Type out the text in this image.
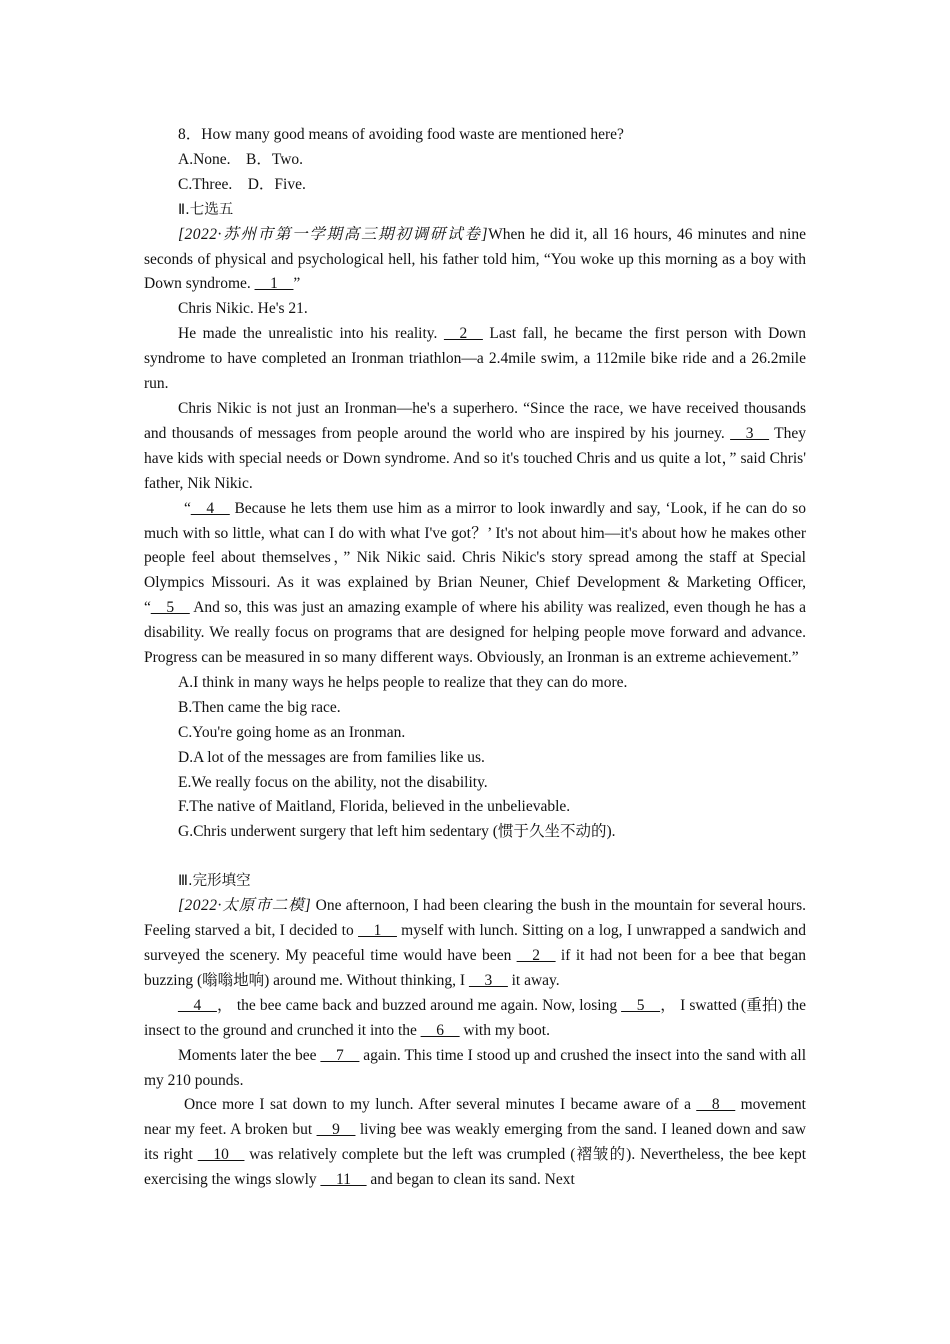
8．How many good means of avoiding food waste are mentioned here?

A.None.    B．Two.

C.Three.    D．Five.

Ⅱ.七选五

[2022·苏州市第一学期高三期初调研试卷]When he did it, all 16 hours, 46 minutes and nine seconds of physical and psychological hell, his father told him, “You woke up this morning as a boy with Down syndrome. __1__”

Chris Nikic. He's 21.

He made the unrealistic into his reality. __2__ Last fall, he became the first person with Down syndrome to have completed an Ironman triathlon—a 2.4mile swim, a 112mile bike ride and a 26.2mile run.

Chris Nikic is not just an Ironman—he's a superhero. “Since the race, we have received thousands and thousands of messages from people around the world who are inspired by his journey. __3__ They have kids with special needs or Down syndrome. And so it's touched Chris and us quite a lot，” said Chris' father, Nik Nikic.

“__4__ Because he lets them use him as a mirror to look inwardly and say, ‘Look, if he can do so much with so little, what can I do with what I've got？’ It's not about him—it's about how he makes other people feel about themselves，” Nik Nikic said. Chris Nikic's story spread among the staff at Special Olympics Missouri. As it was explained by Brian Neuner, Chief Development & Marketing Officer, “__5__ And so, this was just an amazing example of where his ability was realized, even though he has a disability. We really focus on programs that are designed for helping people move forward and advance. Progress can be measured in so many different ways. Obviously, an Ironman is an extreme achievement.”

A.I think in many ways he helps people to realize that they can do more.

B.Then came the big race.

C.You're going home as an Ironman.

D.A lot of the messages are from families like us.

E.We really focus on the ability, not the disability.

F.The native of Maitland, Florida, believed in the unbelievable.

G.Chris underwent surgery that left him sedentary (惯于久坐不动的).

Ⅲ.完形填空

[2022·太原市二模] One afternoon, I had been clearing the bush in the mountain for several hours. Feeling starved a bit, I decided to __1__ myself with lunch. Sitting on a log, I unwrapped a sandwich and surveyed the scenery. My peaceful time would have been __2__ if it had not been for a bee that began buzzing (嗡嗡地响) around me. Without thinking, I __3__ it away.

__4__， the bee came back and buzzed around me again. Now, losing __5__， I swatted (重拍) the insect to the ground and crunched it into the __6__ with my boot.

Moments later the bee __7__ again. This time I stood up and crushed the insect into the sand with all my 210 pounds.

Once more I sat down to my lunch. After several minutes I became aware of a __8__ movement near my feet. A broken but __9__ living bee was weakly emerging from the sand. I leaned down and saw its right __10__ was relatively complete but the left was crumpled (褶皱的). Nevertheless, the bee kept exercising the wings slowly __11__ and began to clean its sand. Next
